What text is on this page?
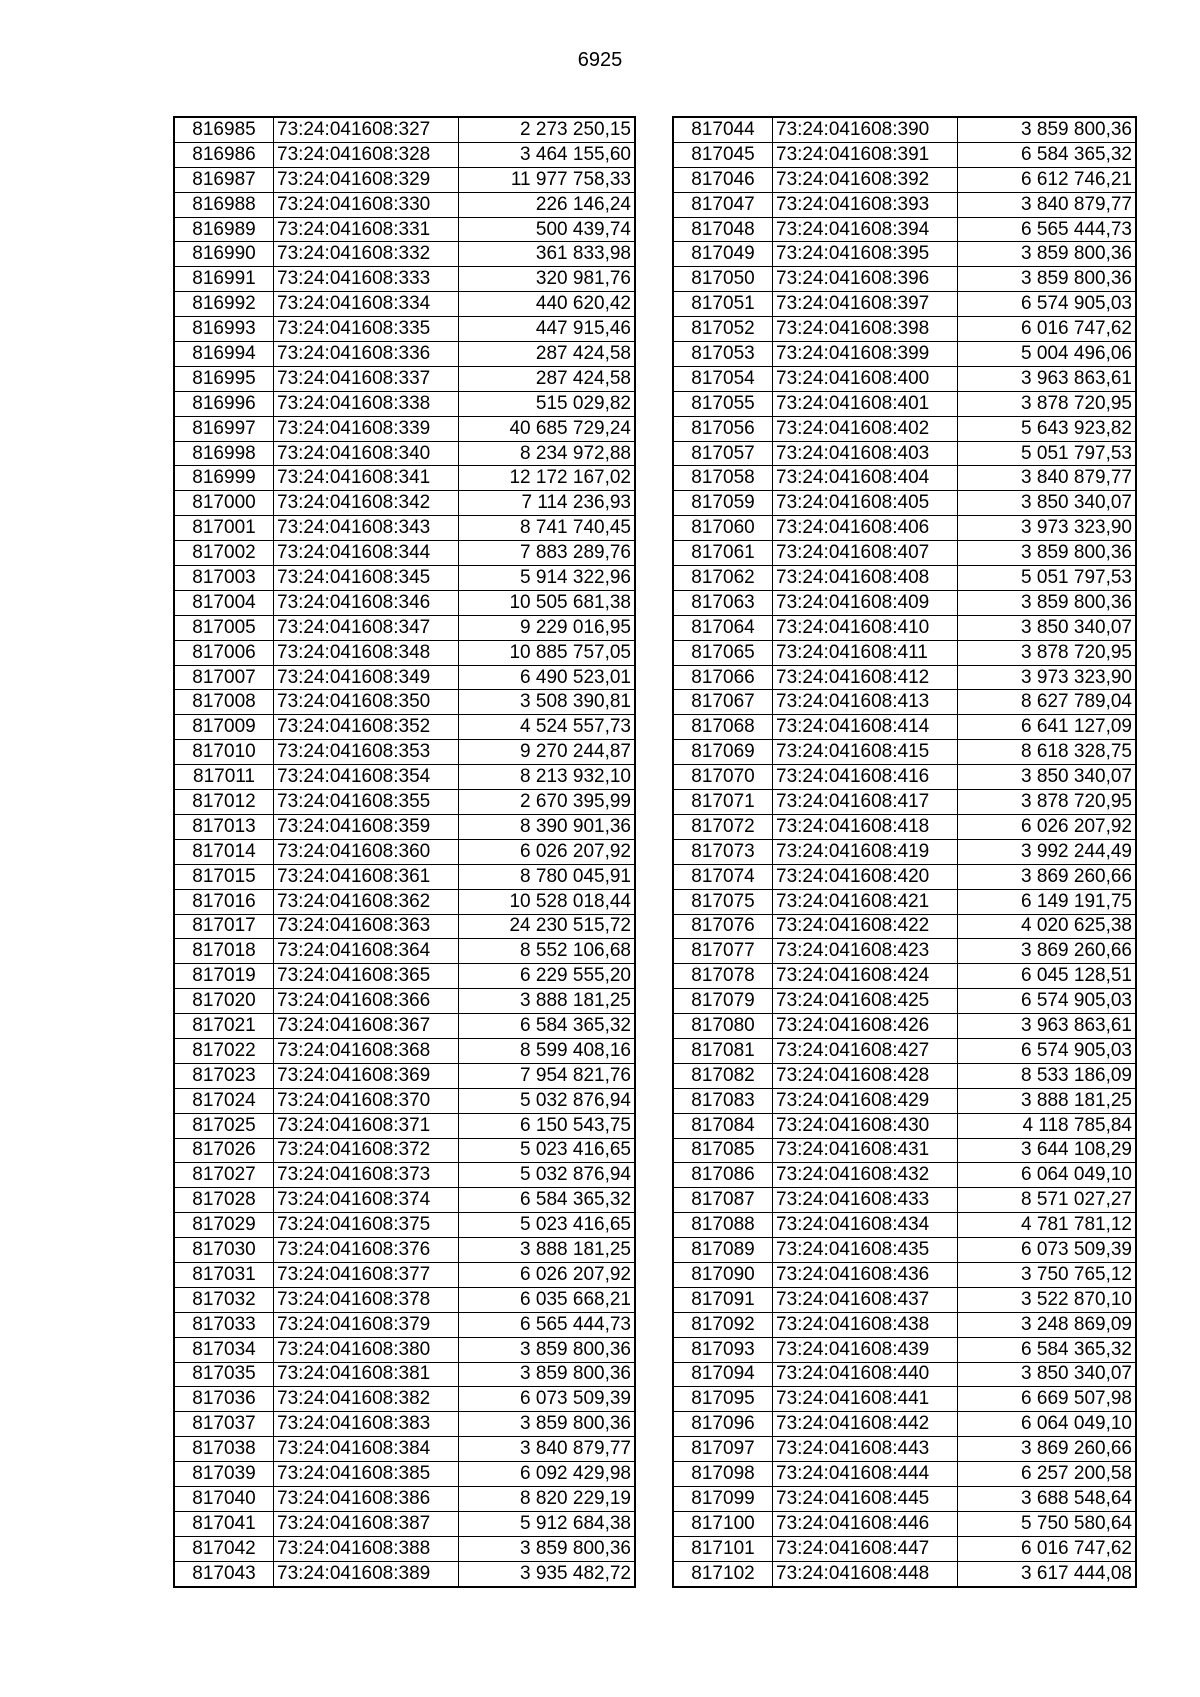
6925
816985	73:24:041608:327	2 273 250,15
816986	73:24:041608:328	3 464 155,60
816987	73:24:041608:329	11 977 758,33
816988	73:24:041608:330	226 146,24
816989	73:24:041608:331	500 439,74
816990	73:24:041608:332	361 833,98
816991	73:24:041608:333	320 981,76
816992	73:24:041608:334	440 620,42
816993	73:24:041608:335	447 915,46
816994	73:24:041608:336	287 424,58
816995	73:24:041608:337	287 424,58
816996	73:24:041608:338	515 029,82
816997	73:24:041608:339	40 685 729,24
816998	73:24:041608:340	8 234 972,88
816999	73:24:041608:341	12 172 167,02
817000	73:24:041608:342	7 114 236,93
817001	73:24:041608:343	8 741 740,45
817002	73:24:041608:344	7 883 289,76
817003	73:24:041608:345	5 914 322,96
817004	73:24:041608:346	10 505 681,38
817005	73:24:041608:347	9 229 016,95
817006	73:24:041608:348	10 885 757,05
817007	73:24:041608:349	6 490 523,01
817008	73:24:041608:350	3 508 390,81
817009	73:24:041608:352	4 524 557,73
817010	73:24:041608:353	9 270 244,87
817011	73:24:041608:354	8 213 932,10
817012	73:24:041608:355	2 670 395,99
817013	73:24:041608:359	8 390 901,36
817014	73:24:041608:360	6 026 207,92
817015	73:24:041608:361	8 780 045,91
817016	73:24:041608:362	10 528 018,44
817017	73:24:041608:363	24 230 515,72
817018	73:24:041608:364	8 552 106,68
817019	73:24:041608:365	6 229 555,20
817020	73:24:041608:366	3 888 181,25
817021	73:24:041608:367	6 584 365,32
817022	73:24:041608:368	8 599 408,16
817023	73:24:041608:369	7 954 821,76
817024	73:24:041608:370	5 032 876,94
817025	73:24:041608:371	6 150 543,75
817026	73:24:041608:372	5 023 416,65
817027	73:24:041608:373	5 032 876,94
817028	73:24:041608:374	6 584 365,32
817029	73:24:041608:375	5 023 416,65
817030	73:24:041608:376	3 888 181,25
817031	73:24:041608:377	6 026 207,92
817032	73:24:041608:378	6 035 668,21
817033	73:24:041608:379	6 565 444,73
817034	73:24:041608:380	3 859 800,36
817035	73:24:041608:381	3 859 800,36
817036	73:24:041608:382	6 073 509,39
817037	73:24:041608:383	3 859 800,36
817038	73:24:041608:384	3 840 879,77
817039	73:24:041608:385	6 092 429,98
817040	73:24:041608:386	8 820 229,19
817041	73:24:041608:387	5 912 684,38
817042	73:24:041608:388	3 859 800,36
817043	73:24:041608:389	3 935 482,72
817044	73:24:041608:390	3 859 800,36
817045	73:24:041608:391	6 584 365,32
817046	73:24:041608:392	6 612 746,21
817047	73:24:041608:393	3 840 879,77
817048	73:24:041608:394	6 565 444,73
817049	73:24:041608:395	3 859 800,36
817050	73:24:041608:396	3 859 800,36
817051	73:24:041608:397	6 574 905,03
817052	73:24:041608:398	6 016 747,62
817053	73:24:041608:399	5 004 496,06
817054	73:24:041608:400	3 963 863,61
817055	73:24:041608:401	3 878 720,95
817056	73:24:041608:402	5 643 923,82
817057	73:24:041608:403	5 051 797,53
817058	73:24:041608:404	3 840 879,77
817059	73:24:041608:405	3 850 340,07
817060	73:24:041608:406	3 973 323,90
817061	73:24:041608:407	3 859 800,36
817062	73:24:041608:408	5 051 797,53
817063	73:24:041608:409	3 859 800,36
817064	73:24:041608:410	3 850 340,07
817065	73:24:041608:411	3 878 720,95
817066	73:24:041608:412	3 973 323,90
817067	73:24:041608:413	8 627 789,04
817068	73:24:041608:414	6 641 127,09
817069	73:24:041608:415	8 618 328,75
817070	73:24:041608:416	3 850 340,07
817071	73:24:041608:417	3 878 720,95
817072	73:24:041608:418	6 026 207,92
817073	73:24:041608:419	3 992 244,49
817074	73:24:041608:420	3 869 260,66
817075	73:24:041608:421	6 149 191,75
817076	73:24:041608:422	4 020 625,38
817077	73:24:041608:423	3 869 260,66
817078	73:24:041608:424	6 045 128,51
817079	73:24:041608:425	6 574 905,03
817080	73:24:041608:426	3 963 863,61
817081	73:24:041608:427	6 574 905,03
817082	73:24:041608:428	8 533 186,09
817083	73:24:041608:429	3 888 181,25
817084	73:24:041608:430	4 118 785,84
817085	73:24:041608:431	3 644 108,29
817086	73:24:041608:432	6 064 049,10
817087	73:24:041608:433	8 571 027,27
817088	73:24:041608:434	4 781 781,12
817089	73:24:041608:435	6 073 509,39
817090	73:24:041608:436	3 750 765,12
817091	73:24:041608:437	3 522 870,10
817092	73:24:041608:438	3 248 869,09
817093	73:24:041608:439	6 584 365,32
817094	73:24:041608:440	3 850 340,07
817095	73:24:041608:441	6 669 507,98
817096	73:24:041608:442	6 064 049,10
817097	73:24:041608:443	3 869 260,66
817098	73:24:041608:444	6 257 200,58
817099	73:24:041608:445	3 688 548,64
817100	73:24:041608:446	5 750 580,64
817101	73:24:041608:447	6 016 747,62
817102	73:24:041608:448	3 617 444,08
